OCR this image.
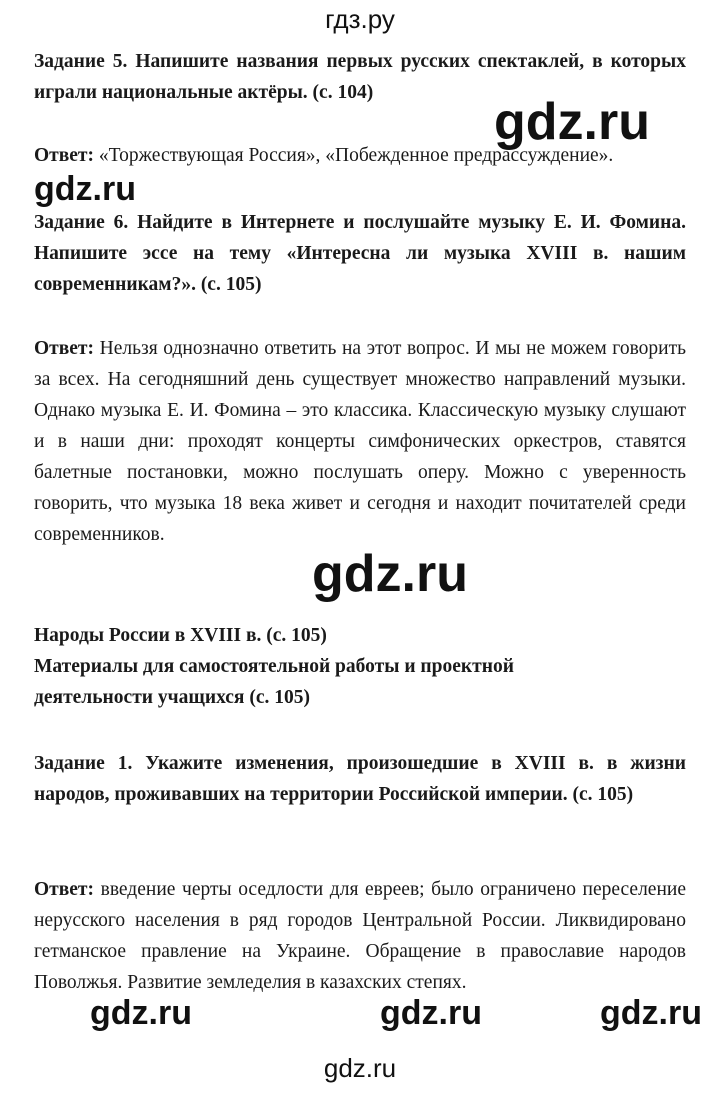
гдз.ру
Задание 5. Напишите названия первых русских спектаклей, в которых играли национальные актёры. (с. 104)
Ответ: «Торжествующая Россия», «Побежденное предрассуждение».
Задание 6. Найдите в Интернете и послушайте музыку Е. И. Фомина. Напишите эссе на тему «Интересна ли музыка XVIII в. нашим современникам?». (с. 105)
Ответ: Нельзя однозначно ответить на этот вопрос. И мы не можем говорить за всех. На сегодняшний день существует множество направлений музыки. Однако музыка Е. И. Фомина – это классика. Классическую музыку слушают и в наши дни: проходят концерты симфонических оркестров, ставятся балетные постановки, можно послушать оперу. Можно с уверенность говорить, что музыка 18 века живет и сегодня и находит почитателей среди современников.
Народы России в XVIII в. (с. 105)
Материалы для самостоятельной работы и проектной
деятельности учащихся (с. 105)
Задание 1. Укажите изменения, произошедшие в XVIII в. в жизни народов, проживавших на территории Российской империи. (с. 105)
Ответ: введение черты оседлости для евреев; было ограничено переселение нерусского населения в ряд городов Центральной России. Ликвидировано гетманское правление на Украине. Обращение в православие народов Поволжья. Развитие земледелия в казахских степях.
gdz.ru
gdz.ru
gdz.ru
gdz.ru	gdz.ru	gdz.ru
gdz.ru
